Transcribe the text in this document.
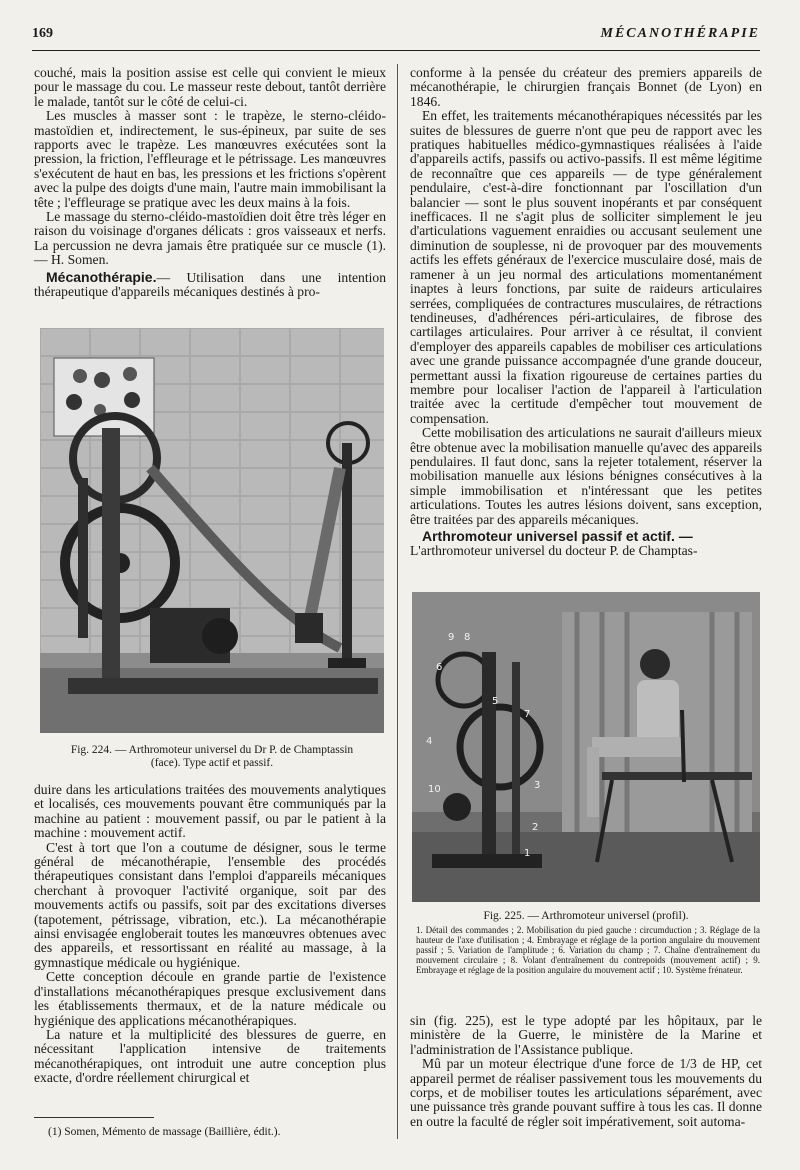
169	MÉCANOTHÉRAPIE

couché, mais la position assise est celle qui convient le mieux pour le massage du cou. Le masseur reste debout, tantôt derrière le malade, tantôt sur le côté de celui-ci.

Les muscles à masser sont : le trapèze, le sterno-cléido-mastoïdien et, indirectement, le sus-épineux, par suite de ses rapports avec le trapèze. Les manœuvres exécutées sont la pression, la friction, l'effleurage et le pétrissage. Les manœuvres s'exécutent de haut en bas, les pressions et les frictions s'opèrent avec la pulpe des doigts d'une main, l'autre main immobilisant la tête ; l'effleurage se pratique avec les deux mains à la fois.

Le massage du sterno-cléido-mastoïdien doit être très léger en raison du voisinage d'organes délicats : gros vaisseaux et nerfs. La percussion ne devra jamais être pratiquée sur ce muscle (1). — H. Somen.

Mécanothérapie.— Utilisation dans une intention thérapeutique d'appareils mécaniques destinés à pro-

Fig. 224. — Arthromoteur universel du Dr P. de Champtassin
(face). Type actif et passif.

duire dans les articulations traitées des mouvements analytiques et localisés, ces mouvements pouvant être communiqués par la machine au patient : mouvement passif, ou par le patient à la machine : mouvement actif.

C'est à tort que l'on a coutume de désigner, sous le terme général de mécanothérapie, l'ensemble des procédés thérapeutiques consistant dans l'emploi d'appareils mécaniques cherchant à provoquer l'activité organique, soit par des mouvements actifs ou passifs, soit par des excitations diverses (tapotement, pétrissage, vibration, etc.). La mécanothérapie ainsi envisagée engloberait toutes les manœuvres obtenues avec des appareils, et ressortissant en réalité au massage, à la gymnastique médicale ou hygiénique.

Cette conception découle en grande partie de l'existence d'installations mécanothérapiques presque exclusivement dans les établissements thermaux, et de la nature médicale ou hygiénique des applications mécanothérapiques.

La nature et la multiplicité des blessures de guerre, en nécessitant l'application intensive de traitements mécanothérapiques, ont introduit une autre conception plus exacte, d'ordre réellement chirurgical et

(1) Somen, Mémento de massage (Baillière, édit.).

conforme à la pensée du créateur des premiers appareils de mécanothérapie, le chirurgien français Bonnet (de Lyon) en 1846.

En effet, les traitements mécanothérapiques nécessités par les suites de blessures de guerre n'ont que peu de rapport avec les pratiques habituelles médico-gymnastiques réalisées à l'aide d'appareils actifs, passifs ou activo-passifs. Il est même légitime de reconnaître que ces appareils — de type généralement pendulaire, c'est-à-dire fonctionnant par l'oscillation d'un balancier — sont le plus souvent inopérants et par conséquent inefficaces. Il ne s'agit plus de solliciter simplement le jeu d'articulations vaguement enraidies ou accusant seulement une diminution de souplesse, ni de provoquer par des mouvements actifs les effets généraux de l'exercice musculaire dosé, mais de ramener à un jeu normal des articulations momentanément inaptes à leurs fonctions, par suite de raideurs articulaires serrées, compliquées de contractures musculaires, de rétractions tendineuses, d'adhérences péri-articulaires, de fibrose des cartilages articulaires. Pour arriver à ce résultat, il convient d'employer des appareils capables de mobiliser ces articulations avec une grande puissance accompagnée d'une grande douceur, permettant aussi la fixation rigoureuse de certaines parties du membre pour localiser l'action de l'appareil à l'articulation traitée avec la certitude d'empêcher tout mouvement de compensation.

Cette mobilisation des articulations ne saurait d'ailleurs mieux être obtenue avec la mobilisation manuelle qu'avec des appareils pendulaires. Il faut donc, sans la rejeter totalement, réserver la mobilisation manuelle aux lésions bénignes consécutives à la simple immobilisation et n'intéressant que les petites articulations. Toutes les autres lésions doivent, sans exception, être traitées par des appareils mécaniques.

Arthromoteur universel passif et actif. —

L'arthromoteur universel du docteur P. de Champtas-

9 8
6
5
7
4
10	3
2
1
Fig. 225. — Arthromoteur universel (profil).
1. Détail des commandes ; 2. Mobilisation du pied gauche : circumduction ; 3. Réglage de la hauteur de l'axe d'utilisation ; 4. Embrayage et réglage de la portion angulaire du mouvement passif ; 5. Variation de l'amplitude ; 6. Variation du champ ; 7. Chaîne d'entraînement du mouvement circulaire ; 8. Volant d'entraînement du contrepoids (mouvement actif) ; 9. Embrayage et réglage de la position angulaire du mouvement actif ; 10. Système frénateur.

sin (fig. 225), est le type adopté par les hôpitaux, par le ministère de la Guerre, le ministère de la Marine et l'administration de l'Assistance publique.

Mû par un moteur électrique d'une force de 1/3 de HP, cet appareil permet de réaliser passivement tous les mouvements du corps, et de mobiliser toutes les articulations séparément, avec une puissance très grande pouvant suffire à tous les cas. Il donne en outre la faculté de régler soit impérativement, soit automa-
